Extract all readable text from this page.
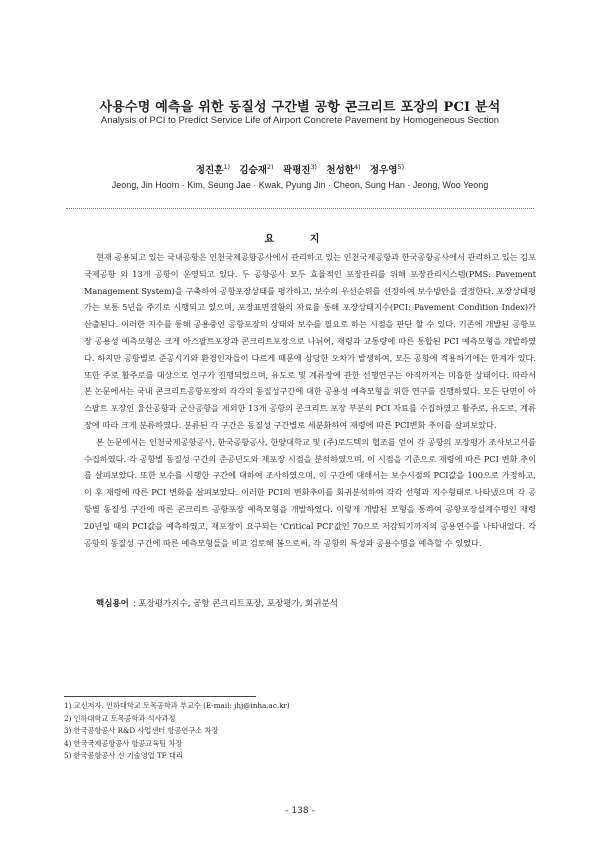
사용수명 예측을 위한 동질성 구간별 공항 콘크리트 포장의 PCI 분석
Analysis of PCI to Predict Service Life of Airport Concrete Pavement by Homogeneous Section
정진훈$^{1)}$ 김승재$^{2)}$ 곽평진$^{3)}$ 천성한$^{4)}$ 정우영$^{5)}$
Jeong, Jin Hoom · Kim, Seung Jae · Kwak, Pyung Jin · Cheon, Sung Han · Jeong, Woo Yeong
요 지

현재 공용되고 있는 국내공항은 인천국제공항공사에서 관리하고 있는 인천국제공항과 한국공항공사에서 관리하고 있는 김포국제공항 외 13개 공항이 운영되고 있다. 두 공항공사 모두 효율적인 포장관리를 위해 포장관리시스템(PMS: Pavement Management System)을 구축하여 공항포장상태를 평가하고, 보수의 우선순위를 선정하여 보수방안을 결정한다. 포장상태평가는 보통 5년을 주기로 시행되고 있으며, 포장표면결함의 자료를 통해 포장상태지수(PCI: Pavement Condition Index)가 산출된다. 이러한 지수를 통해 공용중인 공항포장의 상태와 보수를 필요로 하는 시점을 판단 할 수 있다. 기존에 개발된 공항포장 공용성 예측모형은 크게 아스팔트포장과 콘크리트포장으로 나뉘어, 재령과 교통량에 따른 통합된 PCI 예측모형을 개발하였다. 하지만 공항별로 준공시기와 환경인자들이 다르게 때문에 상당한 오차가 발생하여, 모든 공항에 적용하기에는 한계가 있다. 또한 주로 활주로를 대상으로 연구가 진행되었으며, 유도로 및 계류장에 관한 선행연구는 아직까지는 미흡한 상태이다. 따라서 본 논문에서는 국내 콘크리트공항포장의 각각의 동질성구간에 대한 공용성 예측모형을 위한 연구를 진행하였다. 모든 단면이 아스팔트 포장인 울산공항과 군산공항을 제외한 13개 공항의 콘크리트 포장 부분의 PCI 자료를 수집하였고 활주로, 유도로, 계류장에 따라 크게 분류하였다. 분류된 각 구간은 동질성 구간별로 세분화하여 재령에 따른 PCI변화 추이를 살펴보았다.

본 논문에서는 인천국제공항공사, 한국공항공사, 한양대학교 및 (주)로드텍의 협조를 얻어 각 공항의 포장평가 조사보고서를 수집하였다. 각 공항별 동질성 구간의 준공년도와 재포장 시점을 분석하였으며, 이 시점을 기준으로 재령에 따른 PCI 변화 추이를 살펴보았다. 또한 보수를 시행한 구간에 대하여 조사하였으며, 이 구간에 대해서는 보수시점의 PCI값을 100으로 가정하고, 이 후 재령에 따른 PCI 변화를 살펴보았다. 이러한 PCI의 변화추이를 회귀분석하여 각각 선형과 지수형태로 나타냈으며 각 공항별 동질성 구간에 따른 콘크리트 공항포장 예측모형을 개발하였다. 이렇게 개발된 모형을 통하여 공항포장설계수명인 재령 20년일 때의 PCI값을 예측하였고, 재포장이 요구되는 'Critical PCI'값인 70으로 저감되기까지의 공용연수를 나타내었다. 각 공항의 동질성 구간에 따른 예측모형들을 비교 검토해 봄으로써, 각 공항의 특성과 공용수명을 예측할 수 있었다.

핵심용어 : 포장평가지수, 공항 콘크리트포장, 포장평가, 회귀분석
1) 교신저자. 인하대학교 토목공학과 부교수 (E-mail: jhj@inha.ac.kr)
2) 인하대학교 토목공학과 석사과정
3) 한국공항공사 R&D 사업센터 항공연구소 차장
4) 한국국제공항공사 항공교육팀 차장
5) 한국공항공사 신 기술영업 TF 대리
- 138 -
